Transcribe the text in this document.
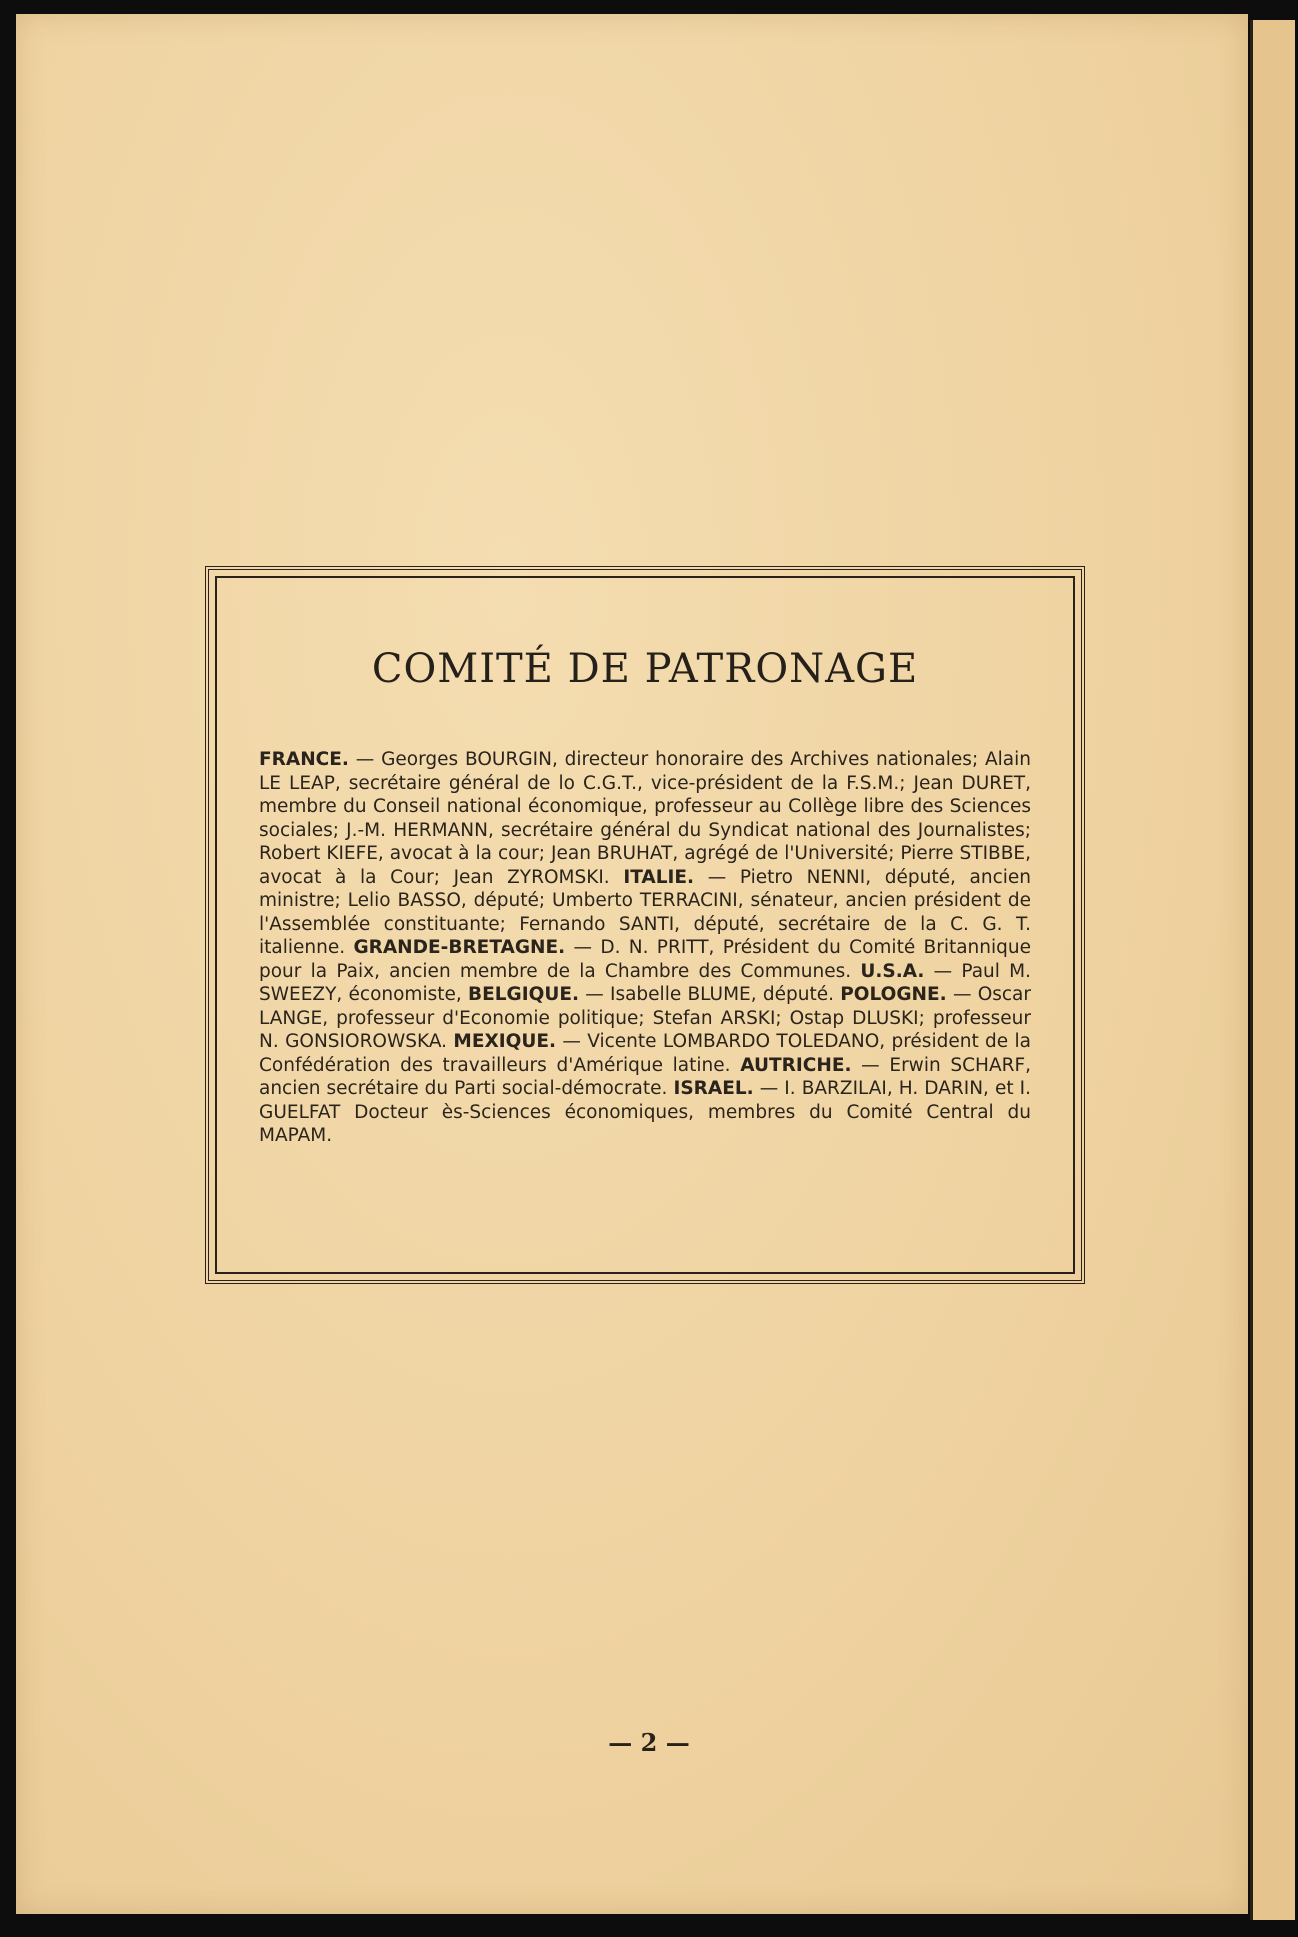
COMITÉ DE PATRONAGE

FRANCE. — Georges BOURGIN, directeur honoraire des Archives nationales; Alain LE LEAP, secrétaire général de lo C.G.T., vice-président de la F.S.M.; Jean DURET, membre du Conseil national économique, professeur au Collège libre des Sciences sociales; J.-M. HERMANN, secrétaire général du Syndicat national des Journalistes; Robert KIEFE, avocat à la cour; Jean BRUHAT, agrégé de l'Université; Pierre STIBBE, avocat à la Cour; Jean ZYROMSKI. ITALIE. — Pietro NENNI, député, ancien ministre; Lelio BASSO, député; Umberto TERRACINI, sénateur, ancien président de l'Assemblée constituante; Fernando SANTI, député, secrétaire de la C. G. T. italienne. GRANDE-BRETAGNE. — D. N. PRITT, Président du Comité Britannique pour la Paix, ancien membre de la Chambre des Communes. U.S.A. — Paul M. SWEEZY, économiste, BELGIQUE. — Isabelle BLUME, député. POLOGNE. — Oscar LANGE, professeur d'Economie politique; Stefan ARSKI; Ostap DLUSKI; professeur N. GONSIOROWSKA. MEXIQUE. — Vicente LOMBARDO TOLEDANO, président de la Confédération des travailleurs d'Amérique latine. AUTRICHE. — Erwin SCHARF, ancien secrétaire du Parti social-démocrate. ISRAEL. — I. BARZILAI, H. DARIN, et I. GUELFAT Docteur ès-Sciences économiques, membres du Comité Central du MAPAM.

— 2 —
